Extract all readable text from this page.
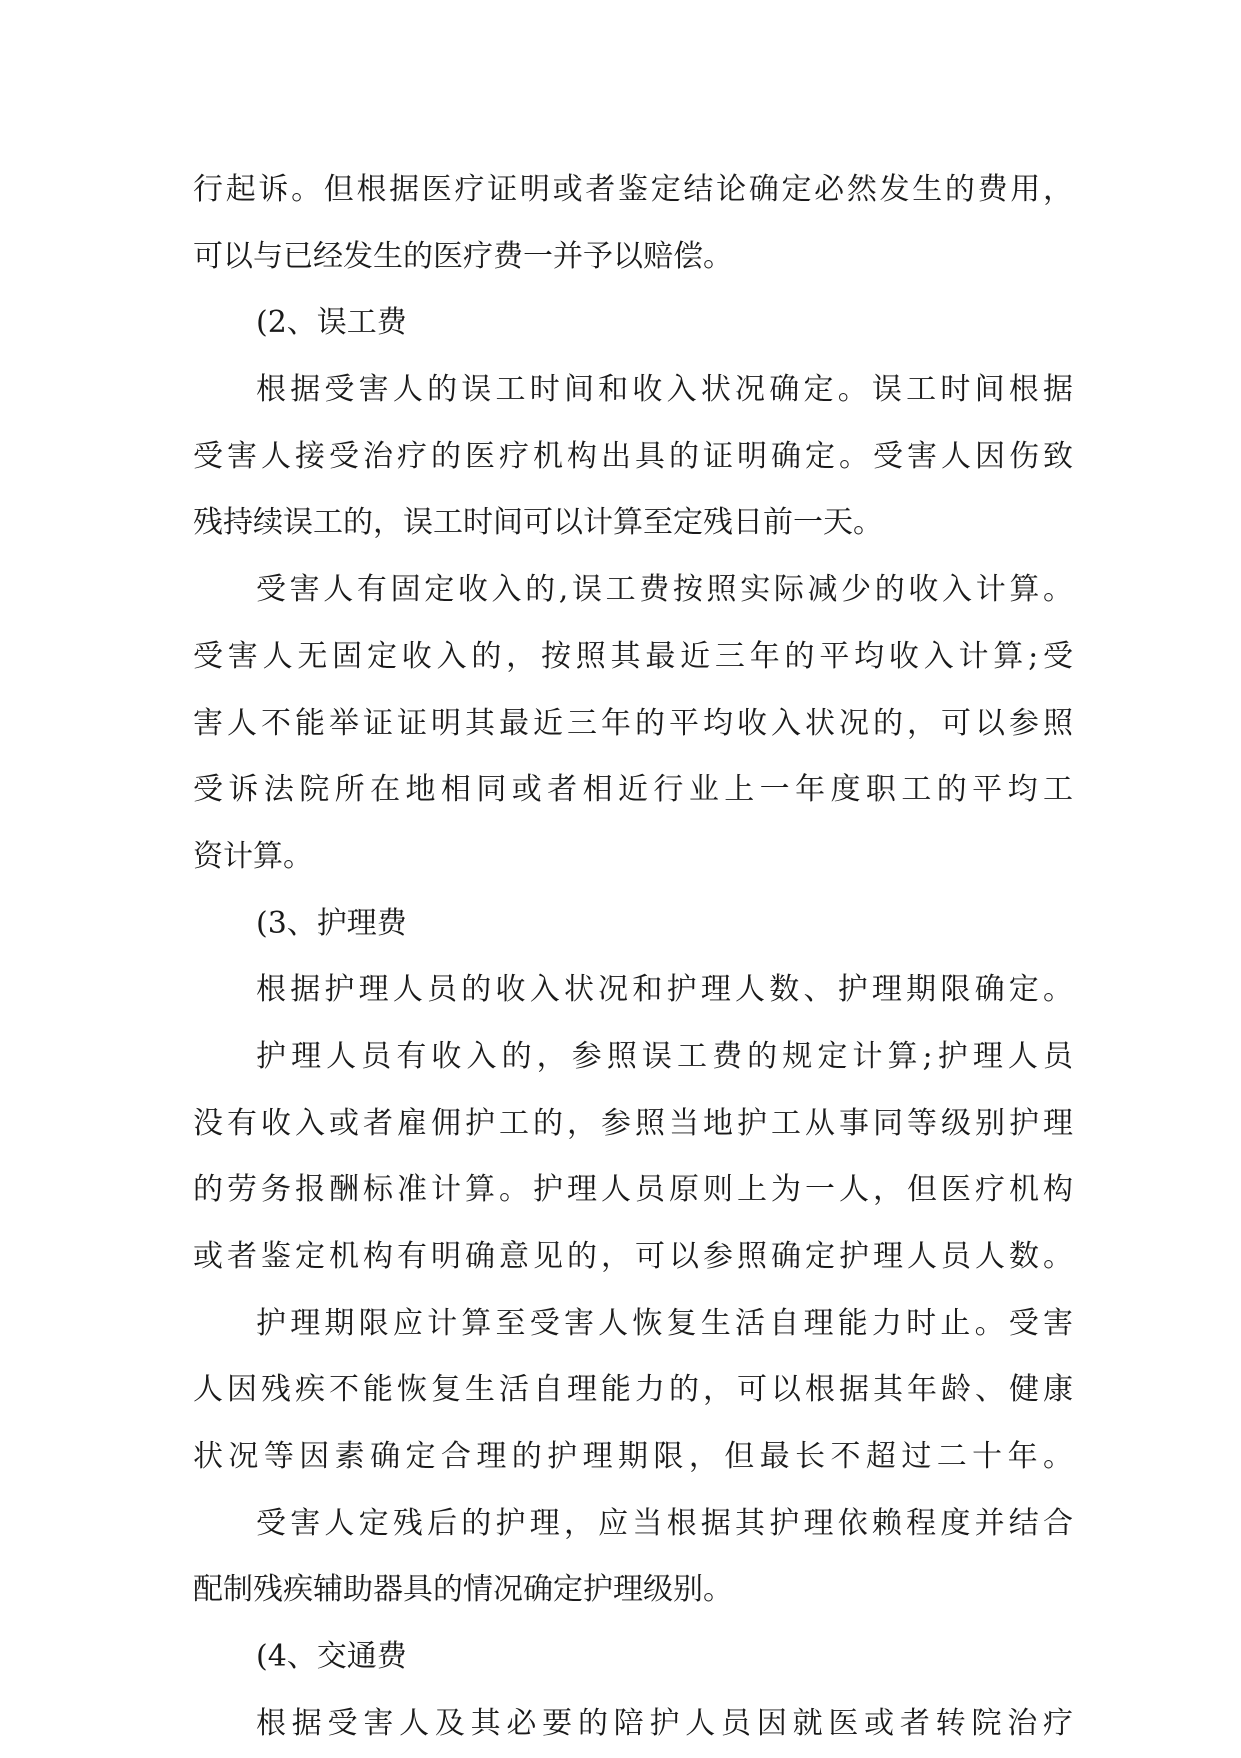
行起诉。但根据医疗证明或者鉴定结论确定必然发生的费用，
可以与已经发生的医疗费一并予以赔偿。
(2、误工费
根据受害人的误工时间和收入状况确定。误工时间根据
受害人接受治疗的医疗机构出具的证明确定。受害人因伤致
残持续误工的，误工时间可以计算至定残日前一天。
受害人有固定收入的,误工费按照实际减少的收入计算。
受害人无固定收入的，按照其最近三年的平均收入计算;受
害人不能举证证明其最近三年的平均收入状况的，可以参照
受诉法院所在地相同或者相近行业上一年度职工的平均工
资计算。
(3、护理费
根据护理人员的收入状况和护理人数、护理期限确定。
护理人员有收入的，参照误工费的规定计算;护理人员
没有收入或者雇佣护工的，参照当地护工从事同等级别护理
的劳务报酬标准计算。护理人员原则上为一人，但医疗机构
或者鉴定机构有明确意见的，可以参照确定护理人员人数。
护理期限应计算至受害人恢复生活自理能力时止。受害
人因残疾不能恢复生活自理能力的，可以根据其年龄、健康
状况等因素确定合理的护理期限，但最长不超过二十年。
受害人定残后的护理，应当根据其护理依赖程度并结合
配制残疾辅助器具的情况确定护理级别。
(4、交通费
根据受害人及其必要的陪护人员因就医或者转院治疗
